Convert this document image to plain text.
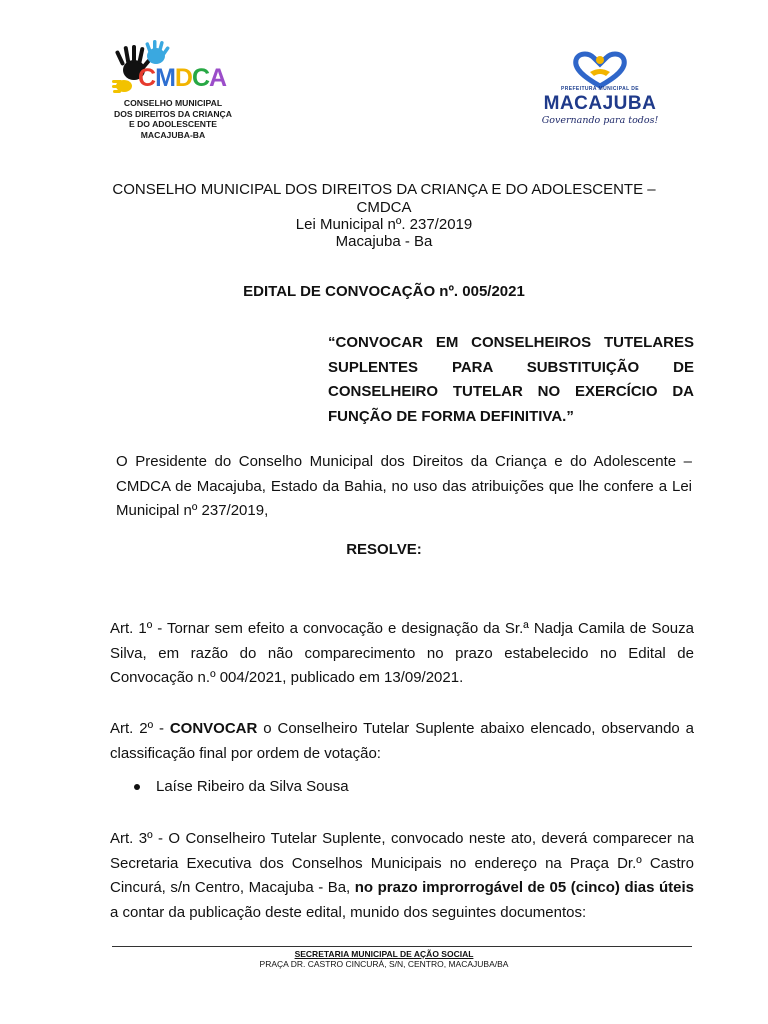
CMDCA
CONSELHO MUNICIPAL
DOS DIREITOS DA CRIANÇA
E DO ADOLESCENTE
MACAJUBA-BA
PREFEITURA MUNICIPAL DE
MACAJUBA
Governando para todos!
CONSELHO MUNICIPAL DOS DIREITOS DA CRIANÇA E DO ADOLESCENTE –
CMDCA
Lei Municipal nº. 237/2019
Macajuba - Ba
EDITAL DE CONVOCAÇÃO nº. 005/2021
“CONVOCAR EM CONSELHEIROS TUTELARES SUPLENTES PARA SUBSTITUIÇÃO DE CONSELHEIRO TUTELAR NO EXERCÍCIO DA FUNÇÃO DE FORMA DEFINITIVA.”
O Presidente do Conselho Municipal dos Direitos da Criança e do Adolescente – CMDCA de Macajuba, Estado da Bahia, no uso das atribuições que lhe confere a Lei Municipal nº 237/2019,
RESOLVE:
Art. 1º - Tornar sem efeito a convocação e designação da Sr.ª Nadja Camila de Souza Silva, em razão do não comparecimento no prazo estabelecido no Edital de Convocação n.º 004/2021, publicado em 13/09/2021.
Art. 2º - CONVOCAR o Conselheiro Tutelar Suplente abaixo elencado, observando a classificação final por ordem de votação:
Laíse Ribeiro da Silva Sousa
Art. 3º - O Conselheiro Tutelar Suplente, convocado neste ato, deverá comparecer na Secretaria Executiva dos Conselhos Municipais no endereço na Praça Dr.º Castro Cincurá, s/n Centro, Macajuba - Ba, no prazo improrrogável de 05 (cinco) dias úteis a contar da publicação deste edital, munido dos seguintes documentos:
SECRETARIA MUNICIPAL DE AÇÃO SOCIAL
PRAÇA DR. CASTRO CINCURÁ, S/N, CENTRO, MACAJUBA/BA
